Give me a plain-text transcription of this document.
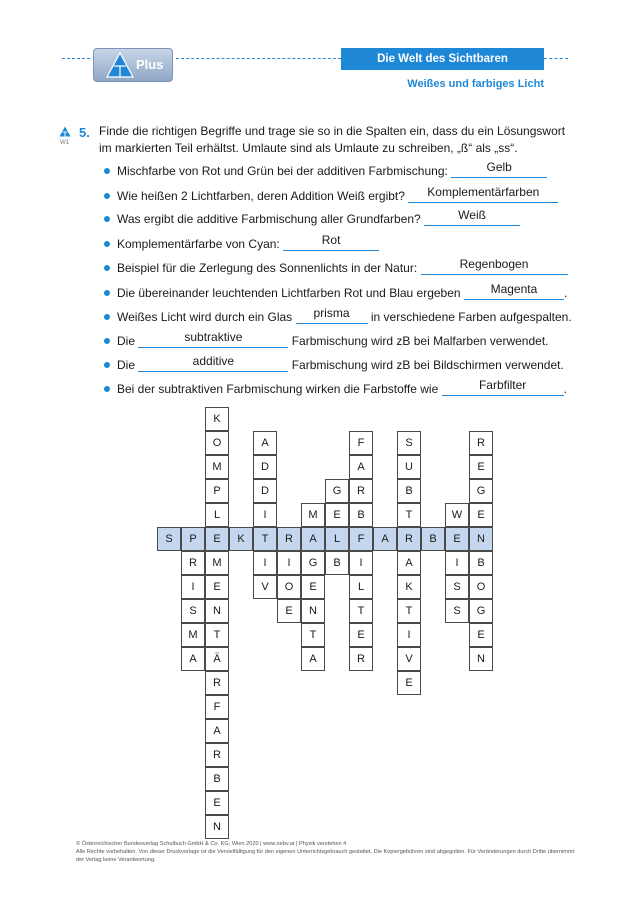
Plus	Die Welt des Sichtbaren
Weißes und farbiges Licht
W1
5. Finde die richtigen Begriffe und trage sie so in die Spalten ein, dass du ein Lösungswort im markierten Teil erhältst. Umlaute sind als Umlaute zu schreiben, „ß“ als „ss“.
Mischfarbe von Rot und Grün bei der additiven Farbmischung:	Gelb
Wie heißen 2 Lichtfarben, deren Addition Weiß ergibt?	Komplementärfarben
Was ergibt die additive Farbmischung aller Grundfarben?	Weiß
Komplementärfarbe von Cyan:	Rot
Beispiel für die Zerlegung des Sonnenlichts in der Natur:	Regenbogen
Die übereinander leuchtenden Lichtfarben Rot und Blau ergeben	Magenta	.
Weißes Licht wird durch ein Glas	prisma	in verschiedene Farben aufgespalten.
Die	subtraktive	Farbmischung wird zB bei Malfarben verwendet.
Die	additive	Farbmischung wird zB bei Bildschirmen verwendet.
Bei der subtraktiven Farbmischung wirken die Farbstoffe wie	Farbfilter	.
R
I
S
M
A
K
O
M
P
L
M
E
N
T
Ä
R
F
A
R
B
E
N
A
D
D
I
I
V
I
O
E
M
G
E
N
T
A
G
E
B
F
A
R
B
I
L
T
E
R
S
U
B
T
A
K
T
I
V
E
W
I
S
S
R
E
G
E
B
O
G
E
N
S	P	E	K	T	R	A	L	F	A	R	B	E	N
© Österreichischer Bundesverlag Schulbuch GmbH & Co. KG, Wien 2020 | www.oebv.at | Physik verstehen 4
Alle Rechte vorbehalten. Von dieser Druckvorlage ist die Vervielfältigung für den eigenen Unterrichtsgebrauch gestattet. Die Kopiergebühren sind abgegolten. Für Veränderungen durch Dritte übernimmt der Verlag keine Verantwortung.
